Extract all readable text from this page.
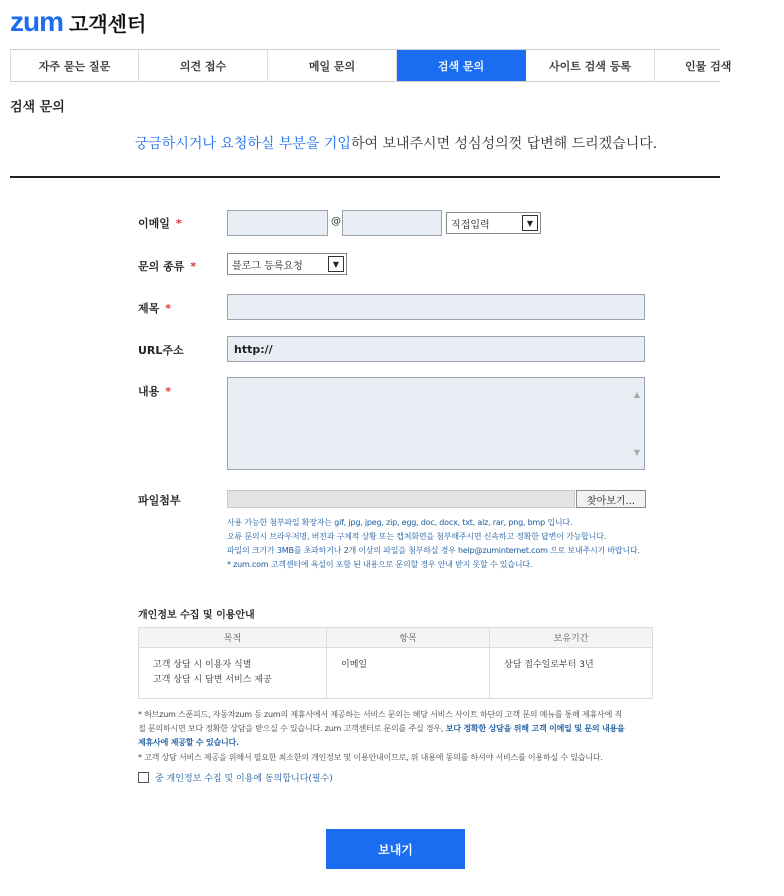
zum 고객센터
자주 묻는 질문	의견 접수	메일 문의	검색 문의	사이트 검색 등록	인물 검색
검색 문의
궁금하시거나 요청하실 부분을 기입하여 보내주시면 성심성의껏 답변해 드리겠습니다.
이메일 *	@	직접입력	▼
문의 종류 *	블로그 등록요청	▼
제목 *
URL주소	http://
내용 *	▲
▼
파일첨부	찾아보기...
사용 가능한 첨부파일 확장자는 gif, jpg, jpeg, zip, egg, doc, docx, txt, alz, rar, png, bmp 입니다.
오류 문의시 브라우저명, 버전과 구체적 상황 또는 캡쳐화면을 첨부해주시면 신속하고 정확한 답변이 가능합니다.
파일의 크기가 3MB를 초과하거나 2개 이상의 파일을 첨부하실 경우 help@zuminternet.com 으로 보내주시기 바랍니다.
* zum.com 고객센터에 욕설이 포함 된 내용으로 문의할 경우 안내 받지 못할 수 있습니다.
개인정보 수집 및 이용안내
목적	항목	보유기간

고객 상담 시 이용자 식별
고객 상담 시 답변 서비스 제공	이메일	상담 접수일로부터 3년
* 허브zum 스푼피드, 자동차zum 등 zum의 제휴사에서 제공하는 서비스 문의는 해당 서비스 사이트 하단의 고객 문의 메뉴를 통해 제휴사에 직
접 문의하시면 보다 정확한 상담을 받으실 수 있습니다. zum 고객센터로 문의를 주실 경우, 보다 정확한 상담을 위해 고객 이메일 및 문의 내용을
제휴사에 제공할 수 있습니다.
* 고객 상담 서비스 제공을 위해서 필요한 최소한의 개인정보 및 이용안내이므로, 위 내용에 동의를 하셔야 서비스를 이용하실 수 있습니다.
중 개인정보 수집 및 이용에 동의합니다(필수)
보내기
